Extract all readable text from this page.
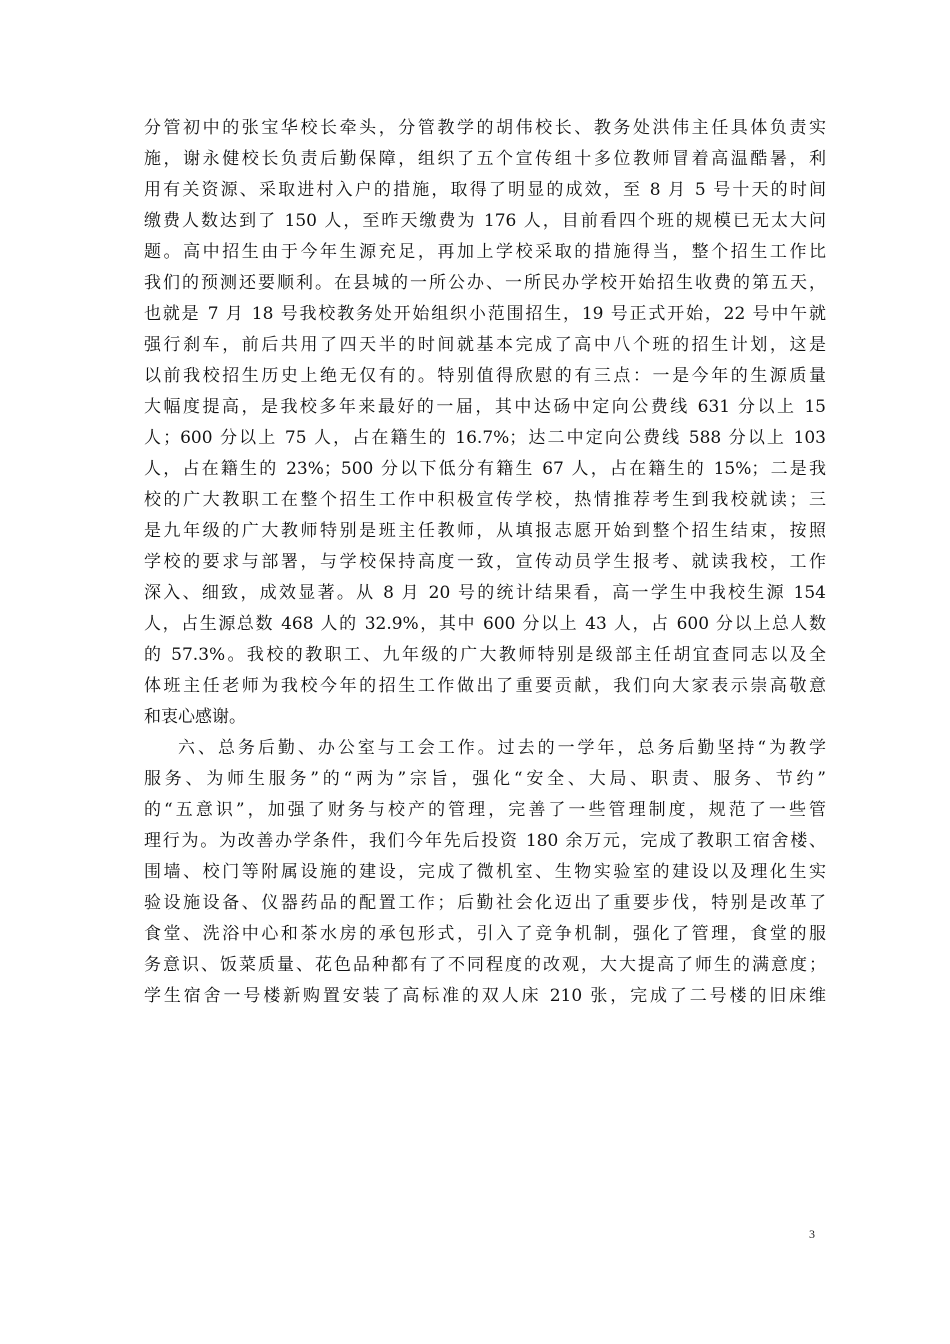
分管初中的张宝华校长牵头，分管教学的胡伟校长、教务处洪伟主任具体负责实
施，谢永健校长负责后勤保障，组织了五个宣传组十多位教师冒着高温酷暑，利
用有关资源、采取进村入户的措施，取得了明显的成效，至 8 月 5 号十天的时间
缴费人数达到了 150 人，至昨天缴费为 176 人，目前看四个班的规模已无太大问
题。高中招生由于今年生源充足，再加上学校采取的措施得当，整个招生工作比
我们的预测还要顺利。在县城的一所公办、一所民办学校开始招生收费的第五天，
也就是 7 月 18 号我校教务处开始组织小范围招生，19 号正式开始，22 号中午就
强行刹车，前后共用了四天半的时间就基本完成了高中八个班的招生计划，这是
以前我校招生历史上绝无仅有的。特别值得欣慰的有三点：一是今年的生源质量
大幅度提高，是我校多年来最好的一届，其中达砀中定向公费线 631 分以上 15
人；600 分以上 75 人，占在籍生的 16.7%；达二中定向公费线 588 分以上 103
人，占在籍生的 23%；500 分以下低分有籍生 67 人，占在籍生的 15%；二是我
校的广大教职工在整个招生工作中积极宣传学校，热情推荐考生到我校就读；三
是九年级的广大教师特别是班主任教师，从填报志愿开始到整个招生结束，按照
学校的要求与部署，与学校保持高度一致，宣传动员学生报考、就读我校，工作
深入、细致，成效显著。从 8 月 20 号的统计结果看，高一学生中我校生源 154
人，占生源总数 468 人的 32.9%，其中 600 分以上 43 人，占 600 分以上总人数
的 57.3%。我校的教职工、九年级的广大教师特别是级部主任胡宜查同志以及全
体班主任老师为我校今年的招生工作做出了重要贡献，我们向大家表示崇高敬意
和衷心感谢。
六、总务后勤、办公室与工会工作。过去的一学年，总务后勤坚持“为教学
服务、为师生服务”的“两为”宗旨，强化“安全、大局、职责、服务、节约”
的“五意识”，加强了财务与校产的管理，完善了一些管理制度，规范了一些管
理行为。为改善办学条件，我们今年先后投资 180 余万元，完成了教职工宿舍楼、
围墙、校门等附属设施的建设，完成了微机室、生物实验室的建设以及理化生实
验设施设备、仪器药品的配置工作；后勤社会化迈出了重要步伐，特别是改革了
食堂、洗浴中心和茶水房的承包形式，引入了竞争机制，强化了管理，食堂的服
务意识、饭菜质量、花色品种都有了不同程度的改观，大大提高了师生的满意度；
学生宿舍一号楼新购置安装了高标准的双人床 210 张，完成了二号楼的旧床维
3
